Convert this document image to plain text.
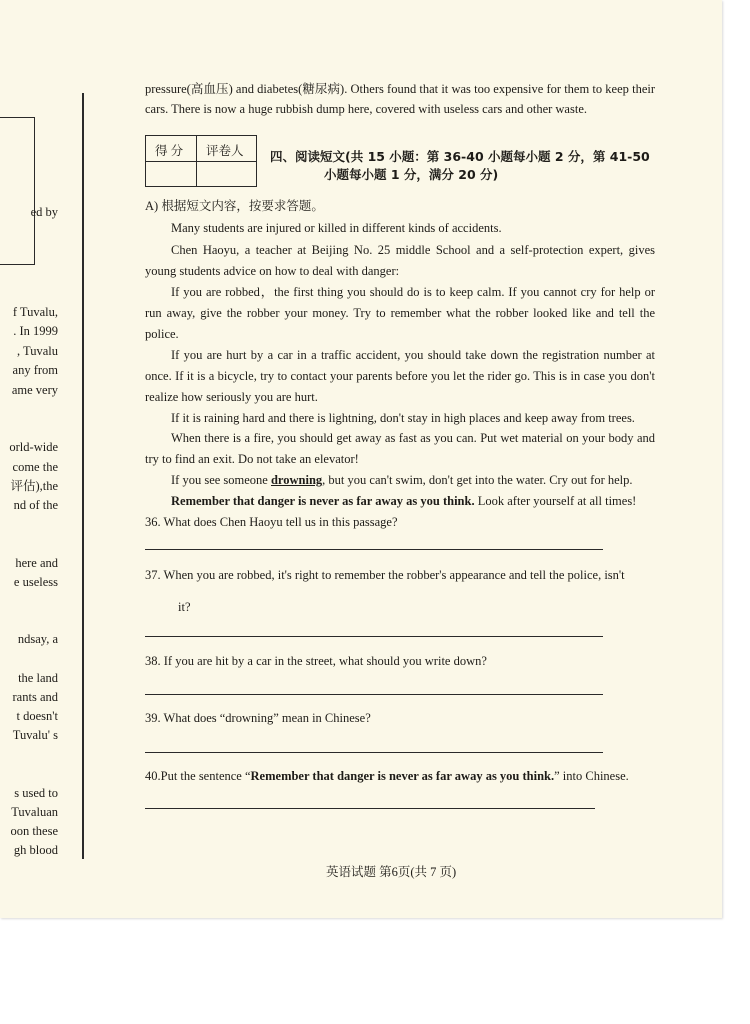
ed by
f Tuvalu,
. In 1999
, Tuvalu
any from
ame very
orld-wide
come the
评估),the
nd of the
here and
e useless
ndsay, a
the land
rants and
t doesn't
Tuvalu' s
s used to
Tuvaluan
oon these
gh blood
pressure(高血压) and diabetes(糖尿病). Others found that it was too expensive for them to keep their cars. There is now a huge rubbish dump here, covered with useless cars and other waste.
得 分 评卷人 四、阅读短文(共 15 小题：第 36-40 小题每小题 2 分，第 41-50
小题每小题 1 分，满分 20 分)
A) 根据短文内容，按要求答题。
Many students are injured or killed in different kinds of accidents.
Chen Haoyu, a teacher at Beijing No. 25 middle School and a self-protection expert, gives young students advice on how to deal with danger:
If you are robbed，the first thing you should do is to keep calm. If you cannot cry for help or run away, give the robber your money. Try to remember what the robber looked like and tell the police.
If you are hurt by a car in a traffic accident, you should take down the registration number at once. If it is a bicycle, try to contact your parents before you let the rider go. This is in case you don't realize how seriously you are hurt.
If it is raining hard and there is lightning, don't stay in high places and keep away from trees.
When there is a fire, you should get away as fast as you can. Put wet material on your body and try to find an exit. Do not take an elevator!
If you see someone drowning, but you can't swim, don't get into the water. Cry out for help.
Remember that danger is never as far away as you think. Look after yourself at all times!
36. What does Chen Haoyu tell us in this passage?
37. When you are robbed, it's right to remember the robber's appearance and tell the police, isn't
it?
38. If you are hit by a car in the street, what should you write down?
39. What does “drowning” mean in Chinese?
40.Put the sentence “Remember that danger is never as far away as you think.” into Chinese.
英语试题 第6页(共 7 页)
